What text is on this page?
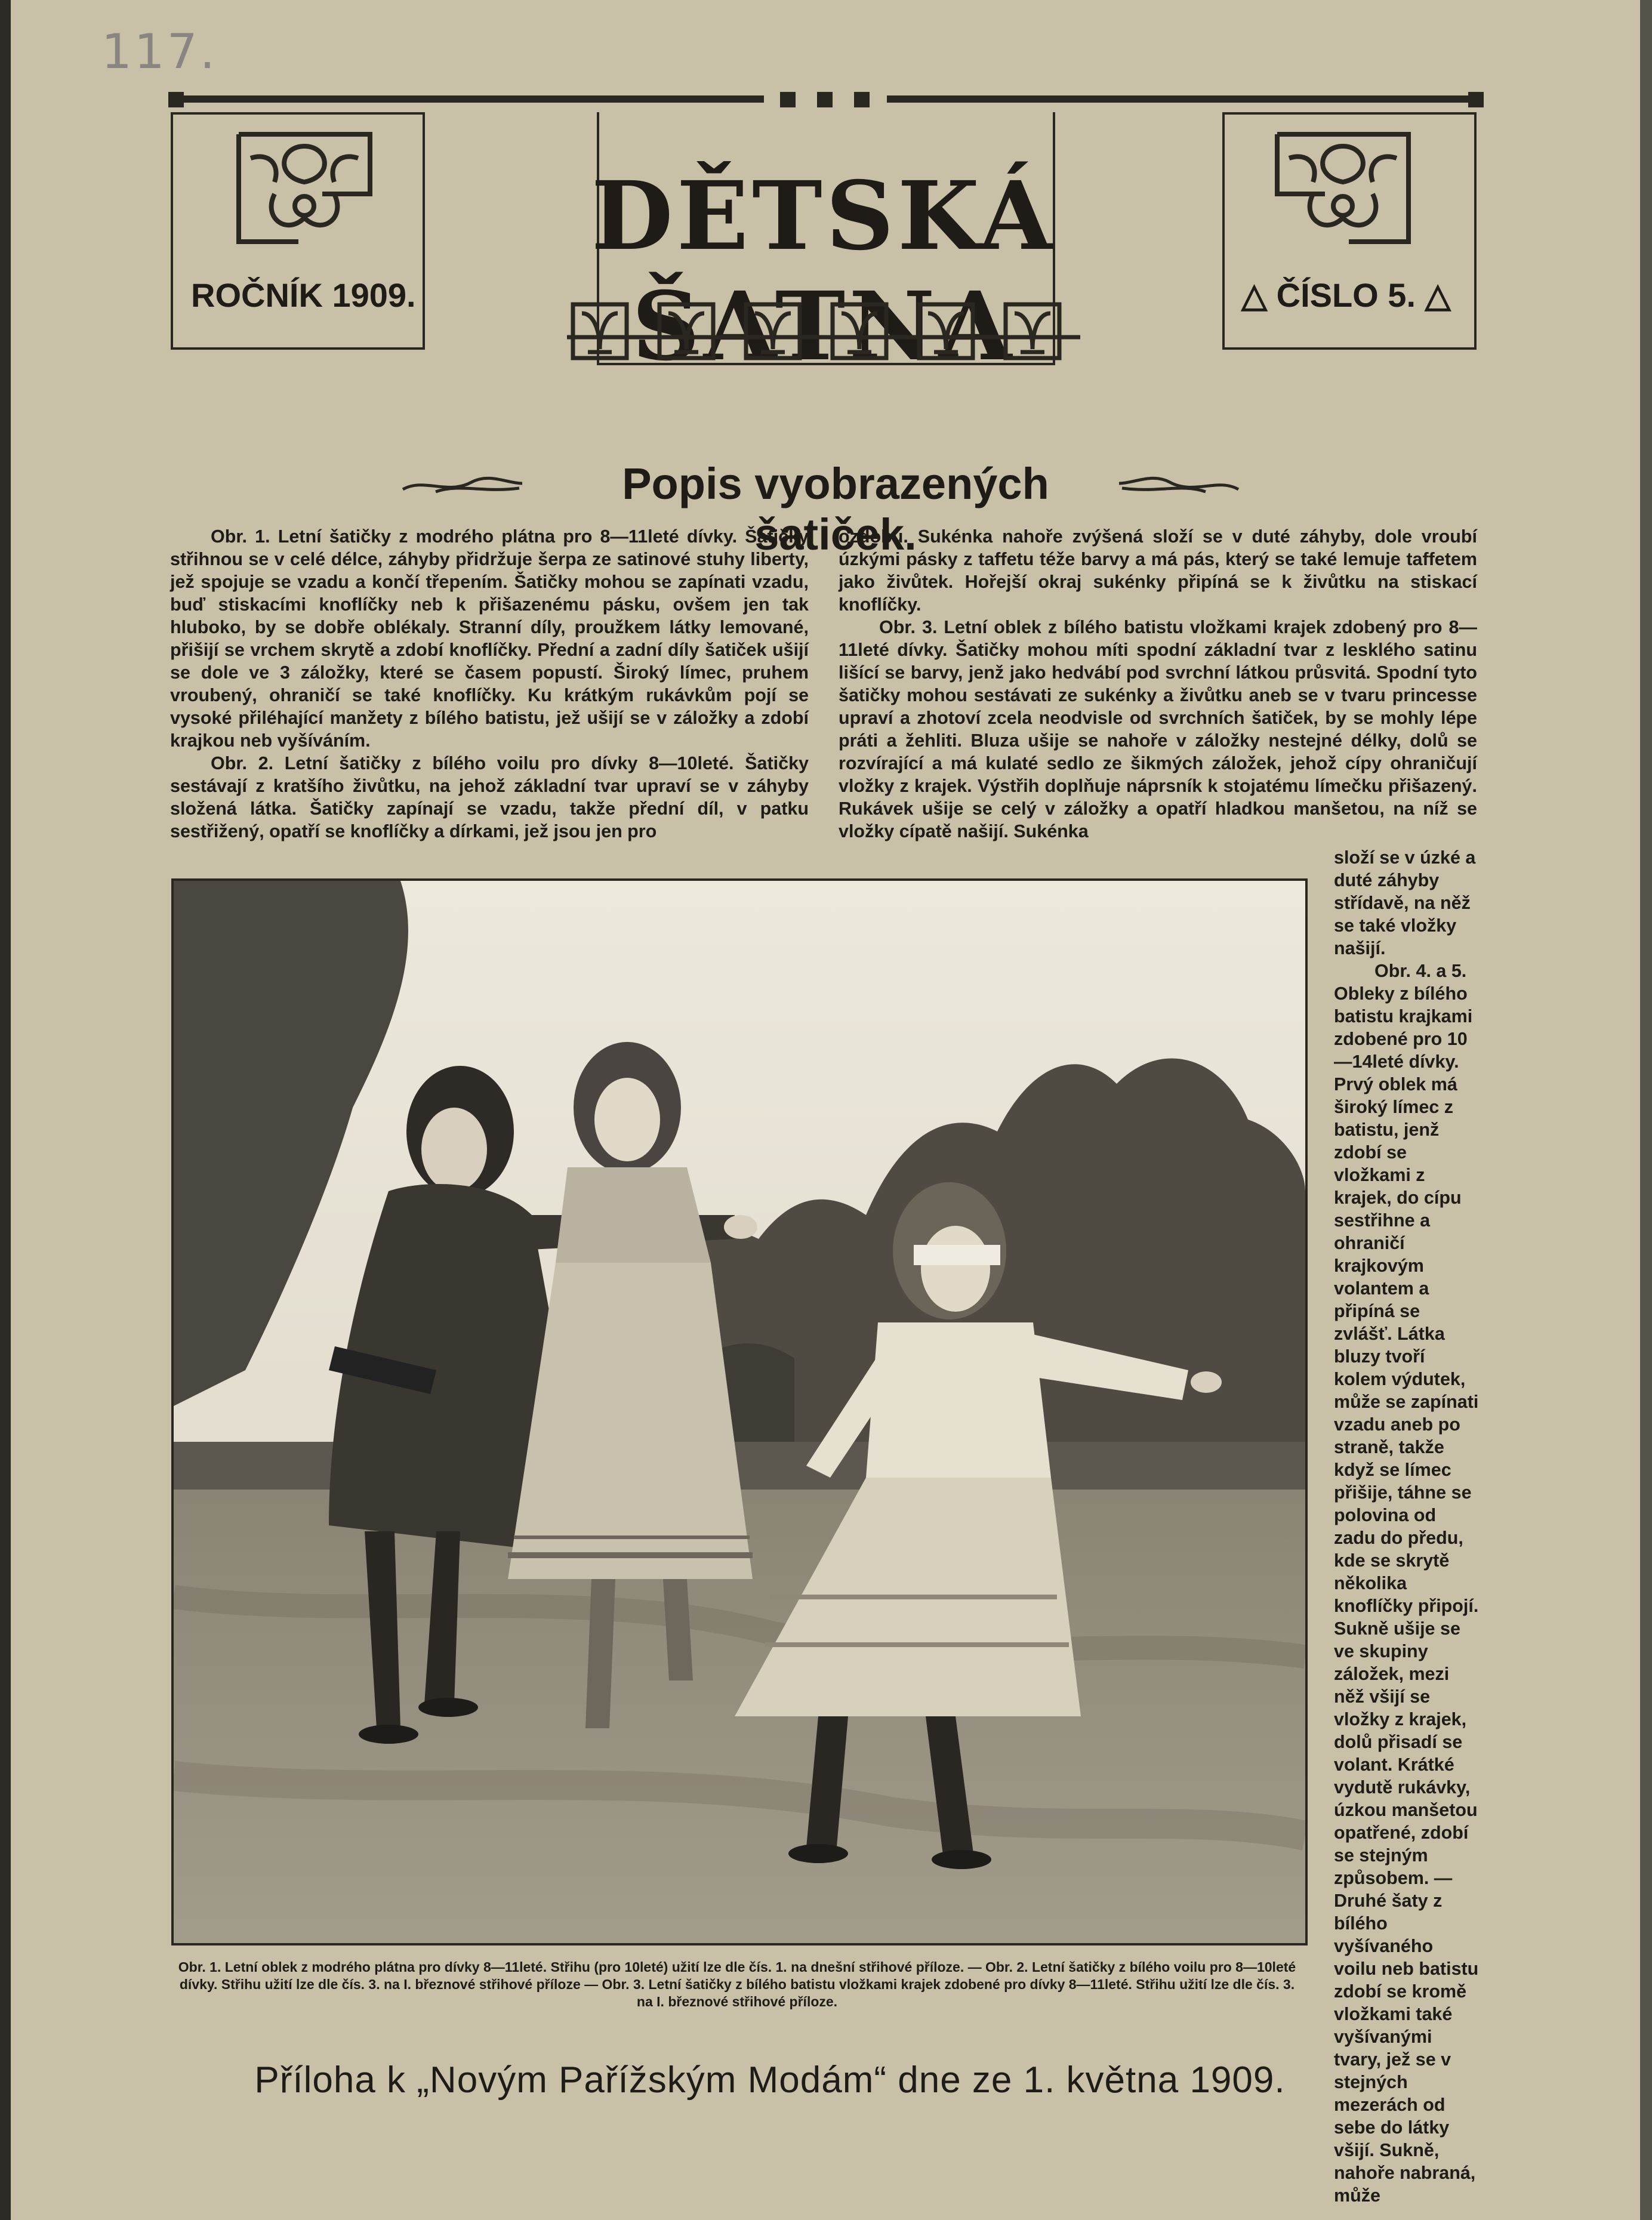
117.
DĚTSKÁ ŠATNA
ROČNÍK 1909.	△ ČÍSLO 5. △
Popis vyobrazených šatiček.

Obr. 1. Letní šatičky z modrého plátna pro 8—11leté dívky. Šatičky střihnou se v celé délce, záhyby přidržuje šerpa ze satinové stuhy liberty, jež spojuje se vzadu a končí třepením. Šatičky mohou se zapínati vzadu, buď stiskacími knoflíčky neb k přišazenému pásku, ovšem jen tak hluboko, by se dobře oblékaly. Stranní díly, proužkem látky lemované, přišijí se vrchem skrytě a zdobí knoflíčky. Přední a zadní díly šatiček ušijí se dole ve 3 záložky, které se časem popustí. Široký límec, pruhem vroubený, ohraničí se také knoflíčky. Ku krátkým rukávkům pojí se vysoké přiléhající manžety z bílého batistu, jež ušijí se v záložky a zdobí krajkou neb vyšíváním.

Obr. 2. Letní šatičky z bílého voilu pro dívky 8—10leté. Šatičky sestávají z kratšího živůtku, na jehož základní tvar upraví se v záhyby složená látka. Šatičky zapínají se vzadu, takže přední díl, v patku sestřižený, opatří se knoflíčky a dírkami, jež jsou jen pro

ozdobu. Sukénka nahoře zvýšená složí se v duté záhyby, dole vroubí úzkými pásky z taffetu téže barvy a má pás, který se také lemuje taffetem jako živůtek. Hořejší okraj sukénky připíná se k živůtku na stiskací knoflíčky.

Obr. 3. Letní oblek z bílého batistu vložkami krajek zdobený pro 8—11leté dívky. Šatičky mohou míti spodní základní tvar z lesklého satinu lišící se barvy, jenž jako hedvábí pod svrchní látkou průsvitá. Spodní tyto šatičky mohou sestávati ze sukénky a živůtku aneb se v tvaru princesse upraví a zhotoví zcela neodvisle od svrchních šatiček, by se mohly lépe práti a žehliti. Bluza ušije se nahoře v záložky nestejné délky, dolů se rozvírající a má kulaté sedlo ze šikmých záložek, jehož cípy ohraničují vložky z krajek. Výstřih doplňuje náprsník k stojatému límečku přišazený. Rukávek ušije se celý v záložky a opatří hladkou manšetou, na níž se vložky cípatě našijí. Sukénka

složí se v úzké a duté záhyby střídavě, na něž se také vložky našijí.

Obr. 4. a 5. Obleky z bílého batistu krajkami zdobené pro 10—14leté dívky. Prvý oblek má široký límec z batistu, jenž zdobí se vložkami z krajek, do cípu sestřihne a ohraničí krajkovým volantem a připíná se zvlášť. Látka bluzy tvoří kolem výdutek, může se zapínati vzadu aneb po straně, takže když se límec přišije, táhne se polovina od zadu do předu, kde se skrytě několika knoflíčky připojí. Sukně ušije se ve skupiny záložek, mezi něž všijí se vložky z krajek, dolů přisadí se volant. Krátké vydutě rukávky, úzkou manšetou opatřené, zdobí se stejným způsobem. — Druhé šaty z bílého vyšívaného voilu neb batistu zdobí se kromě vložkami také vyšívanými tvary, jež se v stejných mezerách od sebe do látky všijí. Sukně, nahoře nabraná, může

Obr. 1. Letní oblek z modrého plátna pro dívky 8—11leté. Střihu (pro 10leté) užití lze dle čís. 1. na dnešní střihové příloze. — Obr. 2. Letní šatičky z bílého voilu pro 8—10leté dívky. Střihu užití lze dle čís. 3. na I. březnové střihové příloze — Obr. 3. Letní šatičky z bílého batistu vložkami krajek zdobené pro dívky 8—11leté. Střihu užití lze dle čís. 3. na I. březnové střihové příloze.
Příloha k „Novým Pařížským Modám“ dne ze 1. května 1909.
